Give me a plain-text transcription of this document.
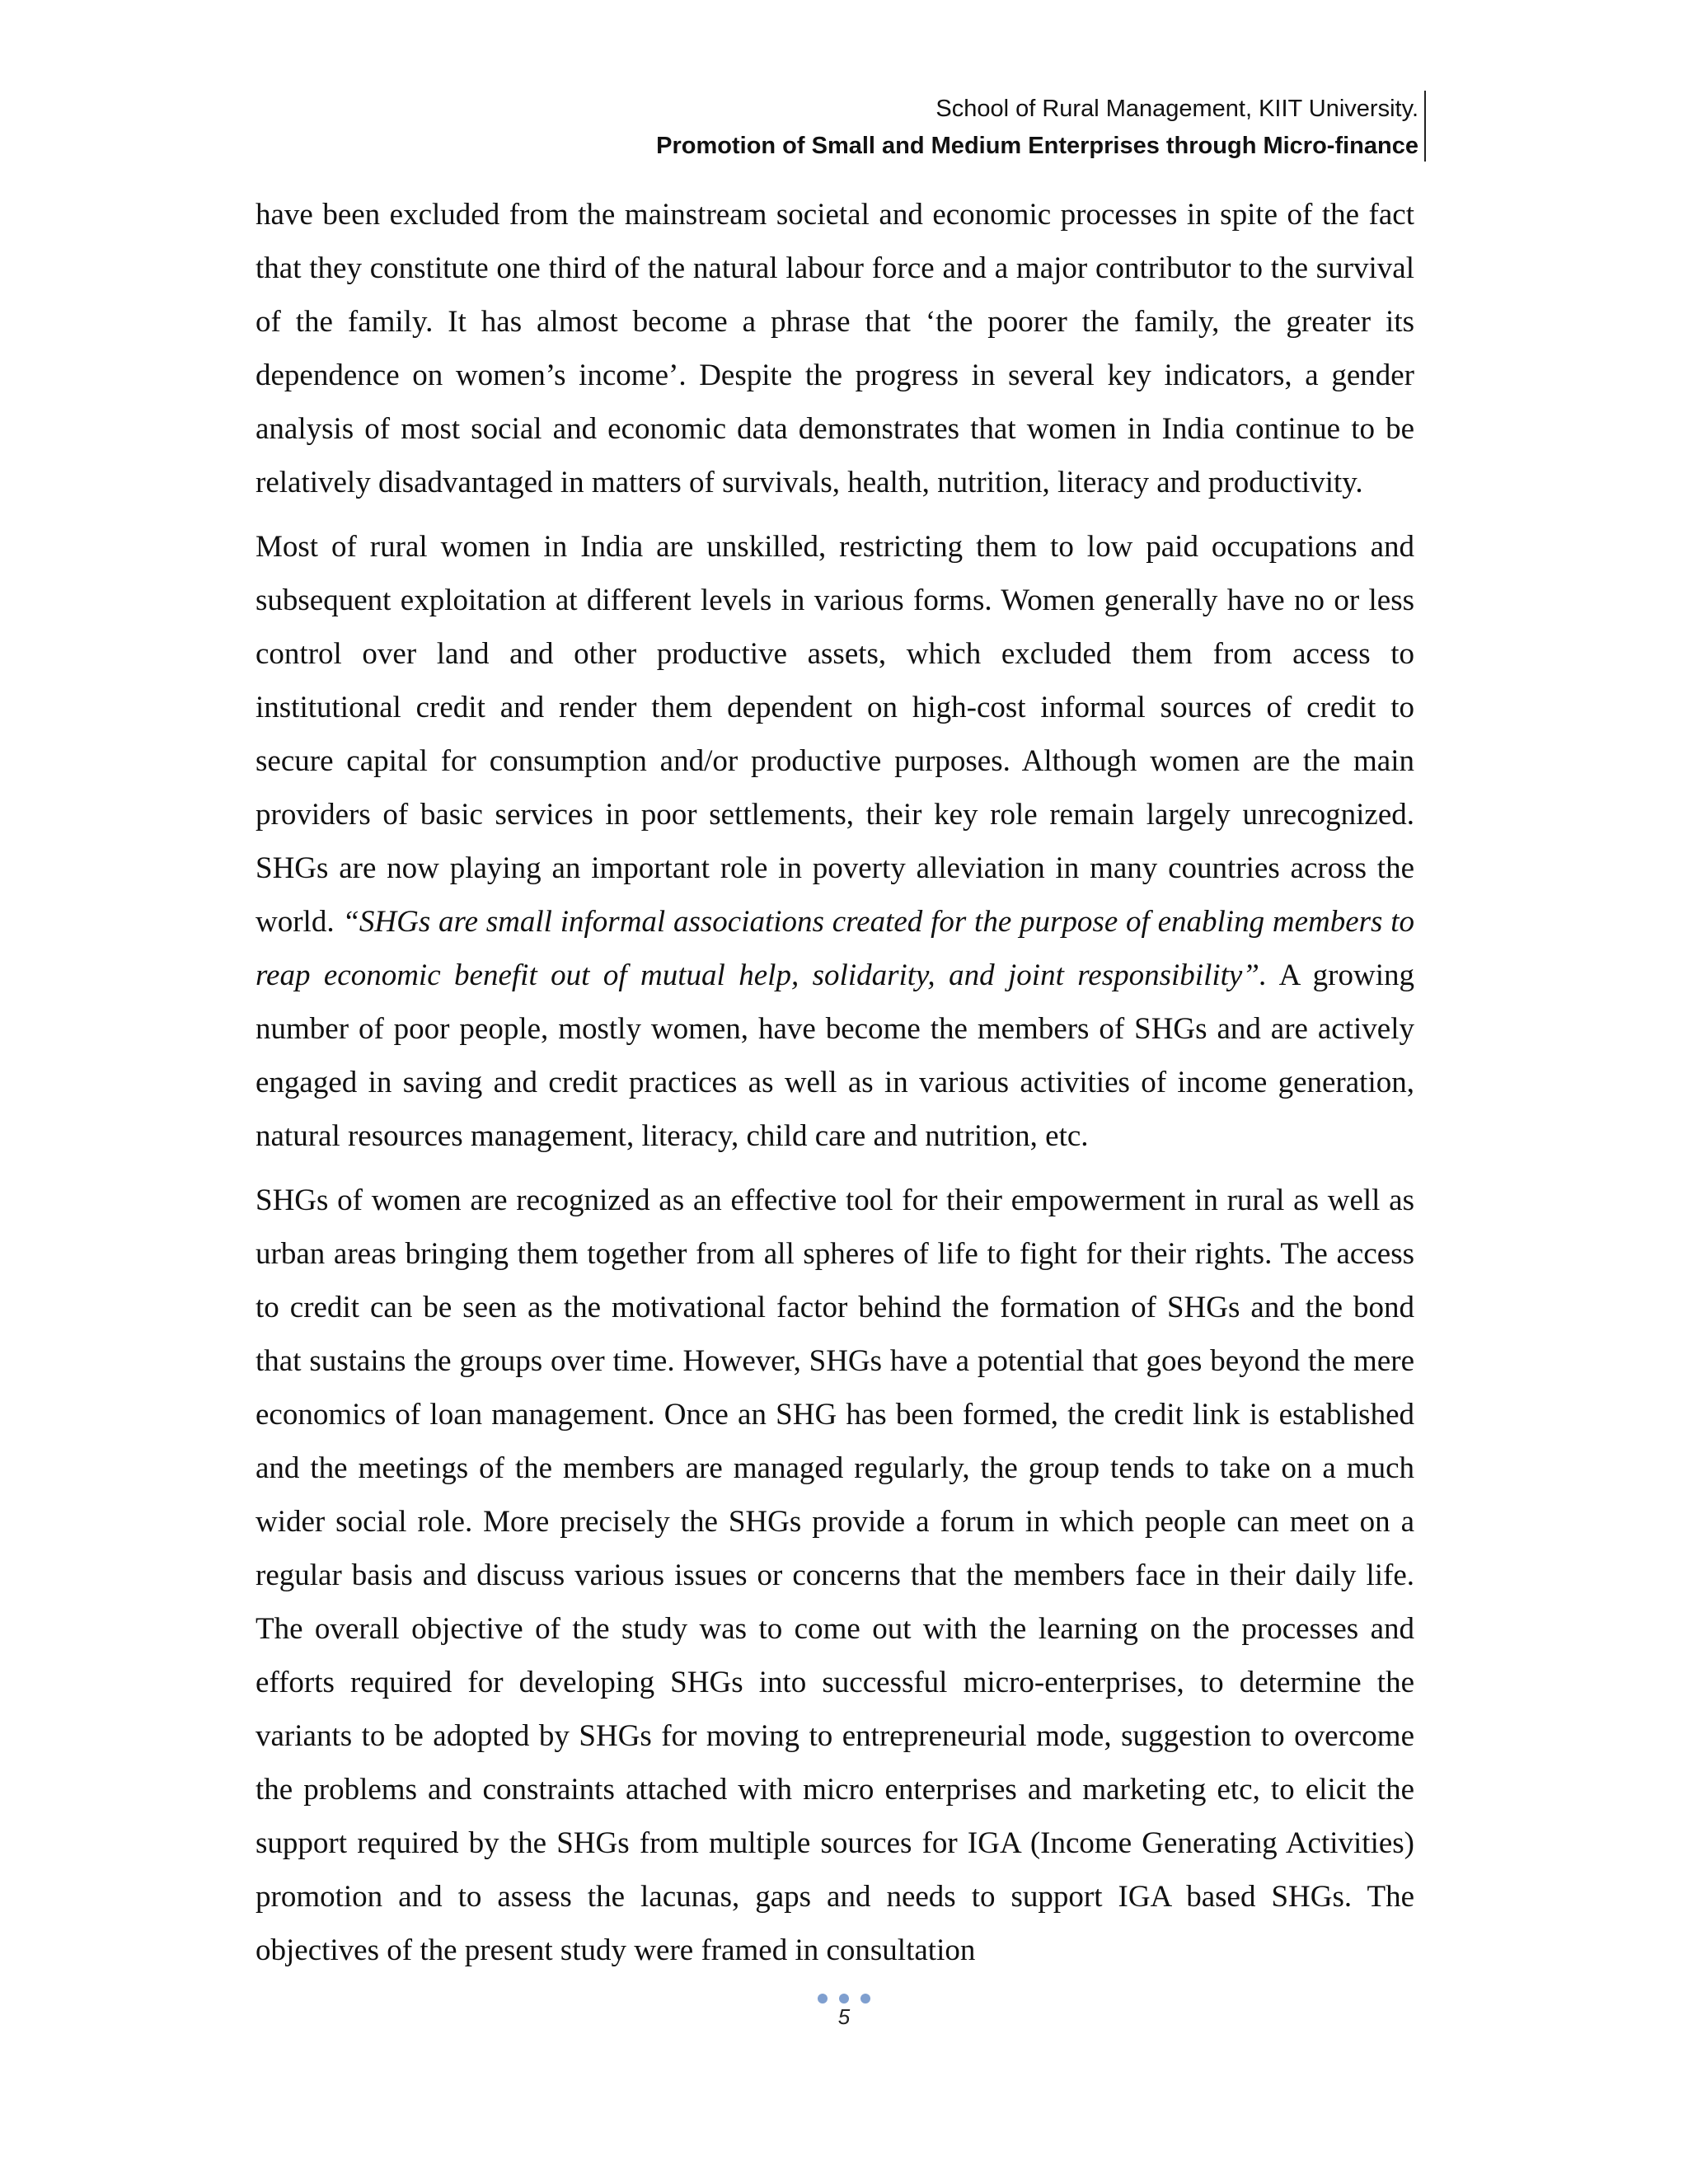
School of Rural Management, KIIT University.
Promotion of Small and Medium Enterprises through Micro-finance

have been excluded from the mainstream societal and economic processes in spite of the fact that they constitute one third of the natural labour force and a major contributor to the survival of the family. It has almost become a phrase that ‘the poorer the family, the greater its dependence on women’s income’. Despite the progress in several key indicators, a gender analysis of most social and economic data demonstrates that women in India continue to be relatively disadvantaged in matters of survivals, health, nutrition, literacy and productivity.

Most of rural women in India are unskilled, restricting them to low paid occupations and subsequent exploitation at different levels in various forms. Women generally have no or less control over land and other productive assets, which excluded them from access to institutional credit and render them dependent on high-cost informal sources of credit to secure capital for consumption and/or productive purposes. Although women are the main providers of basic services in poor settlements, their key role remain largely unrecognized. SHGs are now playing an important role in poverty alleviation in many countries across the world. “SHGs are small informal associations created for the purpose of enabling members to reap economic benefit out of mutual help, solidarity, and joint responsibility”. A growing number of poor people, mostly women, have become the members of SHGs and are actively engaged in saving and credit practices as well as in various activities of income generation, natural resources management, literacy, child care and nutrition, etc.

SHGs of women are recognized as an effective tool for their empowerment in rural as well as urban areas bringing them together from all spheres of life to fight for their rights. The access to credit can be seen as the motivational factor behind the formation of SHGs and the bond that sustains the groups over time. However, SHGs have a potential that goes beyond the mere economics of loan management. Once an SHG has been formed, the credit link is established and the meetings of the members are managed regularly, the group tends to take on a much wider social role. More precisely the SHGs provide a forum in which people can meet on a regular basis and discuss various issues or concerns that the members face in their daily life. The overall objective of the study was to come out with the learning on the processes and efforts required for developing SHGs into successful micro-enterprises, to determine the variants to be adopted by SHGs for moving to entrepreneurial mode, suggestion to overcome the problems and constraints attached with micro enterprises and marketing etc, to elicit the support required by the SHGs from multiple sources for IGA (Income Generating Activities) promotion and to assess the lacunas, gaps and needs to support IGA based SHGs. The objectives of the present study were framed in consultation

5
